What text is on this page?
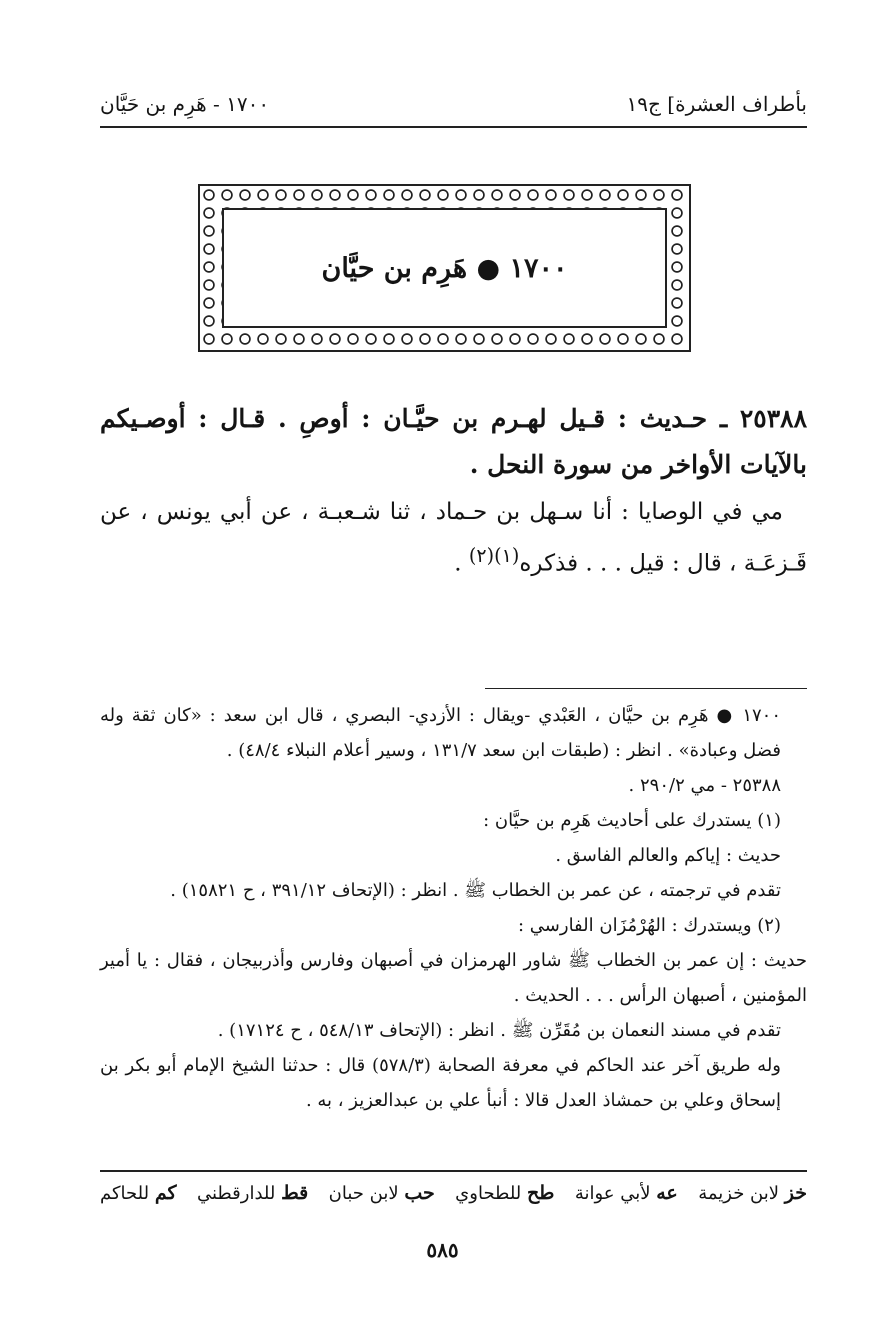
بأطراف العشرة] ج١٩
١٧٠٠ - هَرِم بن حَيَّان
١٧٠٠ ● هَرِم بن حيَّان
٢٥٣٨٨ ـ حـديث : قـيل لهـرم بن حيَّـان : أوصِ . قـال : أوصـيكم بالآيات الأواخر من سورة النحل .
مي في الوصايا : أنا سـهل بن حـماد ، ثنا شـعبـة ، عن أبي يونس ، عن قَـزعَـة ، قال : قيل . . . فذكره$^{(١)(٢)}$ .

١٧٠٠ ● هَرِم بن حيَّان ، العَبْدي -ويقال : الأزدي- البصري ، قال ابن سعد : «كان ثقة وله فضل وعبادة» . انظر : (طبقات ابن سعد ١٣١/٧ ، وسير أعلام النبلاء ٤٨/٤) .

٢٥٣٨٨ - مي ٢٩٠/٢ .

(١) يستدرك على أحاديث هَرِم بن حيَّان :

حديث : إياكم والعالم الفاسق .

تقدم في ترجمته ، عن عمر بن الخطاب ﷺ . انظر : (الإتحاف ٣٩١/١٢ ، ح ١٥٨٢١) .

(٢) ويستدرك : الهُرْمُزَان الفارسي :

حديث : إن عمر بن الخطاب ﷺ شاور الهرمزان في أصبهان وفارس وأذربيجان ، فقال : يا أمير المؤمنين ، أصبهان الرأس . . . الحديث .

تقدم في مسند النعمان بن مُقَرِّن ﷺ . انظر : (الإتحاف ٥٤٨/١٣ ، ح ١٧١٢٤) .

وله طريق آخر عند الحاكم في معرفة الصحابة (٥٧٨/٣) قال : حدثنا الشيخ الإمام أبو بكر بن إسحاق وعلي بن حمشاذ العدل قالا : أنبأ علي بن عبدالعزيز ، به .

خز لابن خزيمة
عه لأبي عوانة
طح للطحاوي
حب لابن حبان
قط للدارقطني
كم للحاكم
٥٨٥
